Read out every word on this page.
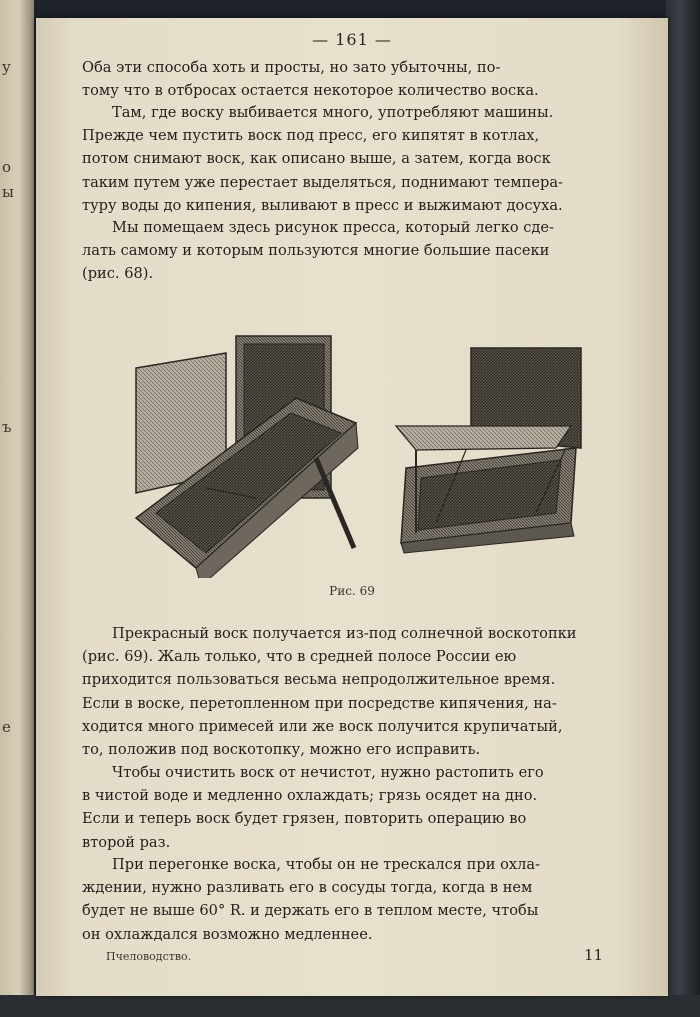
у
о
ы
ъ
е
— 161 —

Оба эти способа хоть и просты, но зато убыточны, по-
тому что в отбросах остается некоторое количество воска.

Там, где воску выбивается много, употребляют машины.
Прежде чем пустить воск под пресс, его кипятят в котлах,
потом снимают воск, как описано выше, а затем, когда воск
таким путем уже перестает выделяться, поднимают темпера-
туру воды до кипения, выливают в пресс и выжимают досуха.

Мы помещаем здесь рисунок пресса, который легко сде-
лать самому и которым пользуются многие большие пасеки
(рис. 68).

Рис. 69

Прекрасный воск получается из-под солнечной воскотопки
(рис. 69). Жаль только, что в средней полосе России ею
приходится пользоваться весьма непродолжительное время.
Если в воске, перетопленном при посредстве кипячения, на-
ходится много примесей или же воск получится крупичатый,
то, положив под воскотопку, можно его исправить.

Чтобы очистить воск от нечистот, нужно растопить его
в чистой воде и медленно охлаждать; грязь осядет на дно.
Если и теперь воск будет грязен, повторить операцию во
второй раз.

При перегонке воска, чтобы он не трескался при охла-
ждении, нужно разливать его в сосуды тогда, когда в нем
будет не выше 60° R. и держать его в теплом месте, чтобы
он охлаждался возможно медленнее.

Пчеловодство.	11
